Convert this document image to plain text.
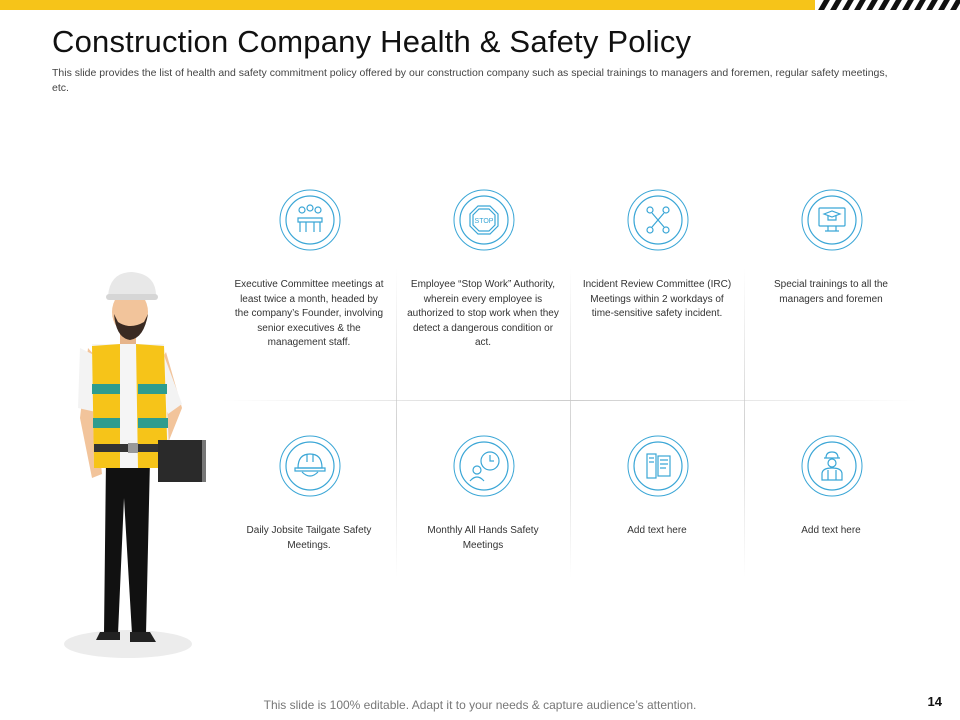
Construction Company Health & Safety Policy
This slide provides the list of health and safety commitment policy offered by our construction company such as special trainings to managers and foremen, regular safety meetings, etc.
Executive Committee meetings at least twice a month, headed by the company’s Founder, involving senior executives & the management staff.
STOP
Employee “Stop Work” Authority, wherein every employee is authorized to stop work when they detect a dangerous condition or act.
Incident Review Committee (IRC) Meetings within 2 workdays of time-sensitive safety incident.
Special trainings to all the managers and foremen
Daily Jobsite Tailgate Safety Meetings.
Monthly All Hands Safety Meetings
Add text here	Add text here
This slide is 100% editable. Adapt it to your needs & capture audience’s attention.	14
